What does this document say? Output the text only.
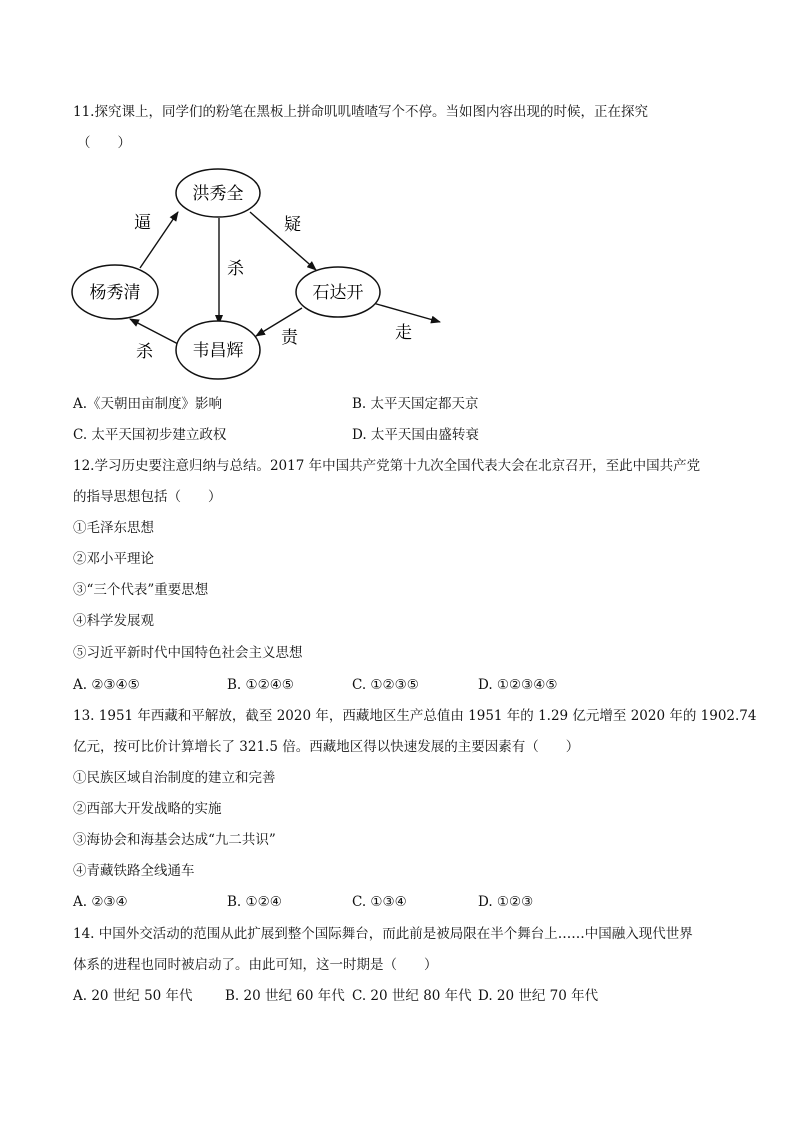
11.探究课上，同学们的粉笔在黑板上拼命叽叽喳喳写个不停。当如图内容出现的时候，正在探究
（　　）
洪秀全
杨秀清	石达开
韦昌辉
逼	疑
杀
责
杀
走
A.《天朝田亩制度》影响	B. 太平天国定都天京
C. 太平天国初步建立政权	D. 太平天国由盛转衰
12.学习历史要注意归纳与总结。2017 年中国共产党第十九次全国代表大会在北京召开，至此中国共产党
的指导思想包括（　　）
①毛泽东思想
②邓小平理论
③“三个代表”重要思想
④科学发展观
⑤习近平新时代中国特色社会主义思想
A. ②③④⑤	B. ①②④⑤	C. ①②③⑤	D. ①②③④⑤
13. 1951 年西藏和平解放，截至 2020 年，西藏地区生产总值由 1951 年的 1.29 亿元增至 2020 年的 1902.74
亿元，按可比价计算增长了 321.5 倍。西藏地区得以快速发展的主要因素有（　　）
①民族区域自治制度的建立和完善
②西部大开发战略的实施
③海协会和海基会达成“九二共识”
④青藏铁路全线通车
A. ②③④	B. ①②④	C. ①③④	D. ①②③
14. 中国外交活动的范围从此扩展到整个国际舞台，而此前是被局限在半个舞台上……中国融入现代世界
体系的进程也同时被启动了。由此可知，这一时期是（　　）
A. 20 世纪 50 年代 B. 20 世纪 60 年代 C. 20 世纪 80 年代 D. 20 世纪 70 年代
